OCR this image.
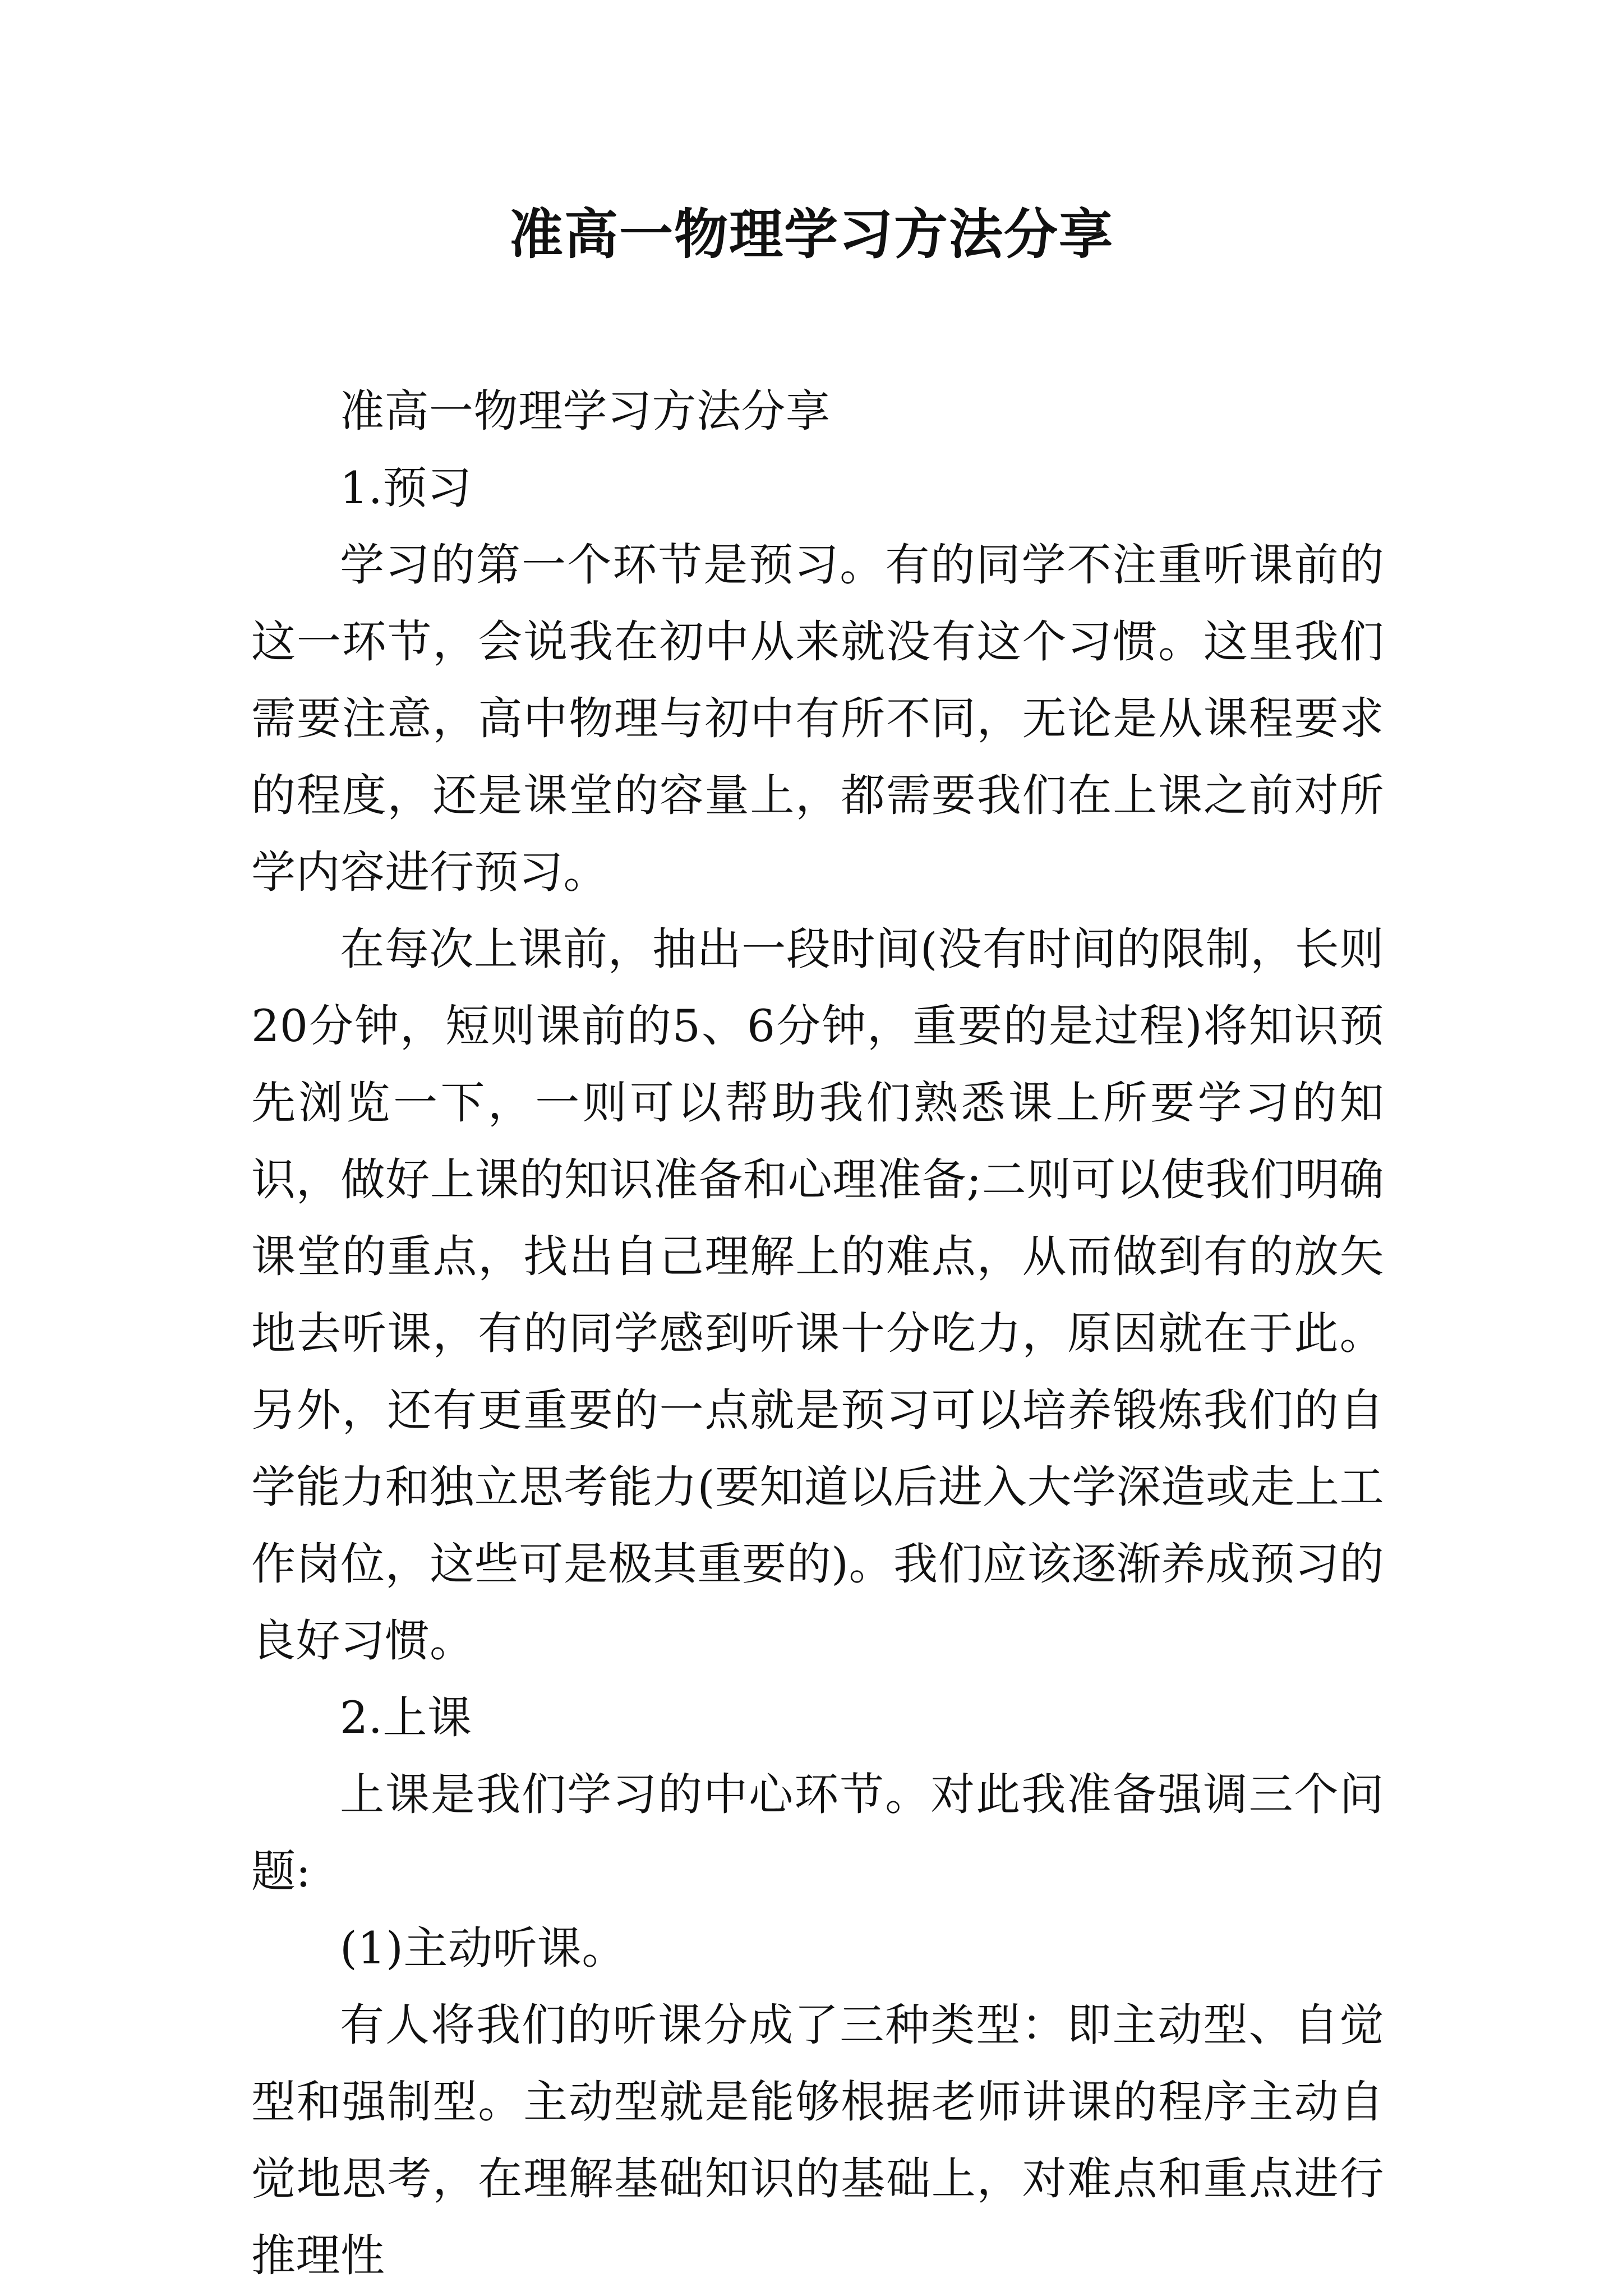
准高一物理学习方法分享

准高一物理学习方法分享

1.预习

学习的第一个环节是预习。有的同学不注重听课前的这一环节，会说我在初中从来就没有这个习惯。这里我们需要注意，高中物理与初中有所不同，无论是从课程要求的程度，还是课堂的容量上，都需要我们在上课之前对所学内容进行预习。

在每次上课前，抽出一段时间(没有时间的限制，长则20分钟，短则课前的5、6分钟，重要的是过程)将知识预先浏览一下，一则可以帮助我们熟悉课上所要学习的知识，做好上课的知识准备和心理准备;二则可以使我们明确课堂的重点，找出自己理解上的难点，从而做到有的放矢地去听课，有的同学感到听课十分吃力，原因就在于此。另外，还有更重要的一点就是预习可以培养锻炼我们的自学能力和独立思考能力(要知道以后进入大学深造或走上工作岗位，这些可是极其重要的)。我们应该逐渐养成预习的良好习惯。

2.上课

上课是我们学习的中心环节。对此我准备强调三个问题:

(1)主动听课。

有人将我们的听课分成了三种类型：即主动型、自觉型和强制型。主动型就是能够根据老师讲课的程序主动自觉地思考，在理解基础知识的基础上，对难点和重点进行推理性
